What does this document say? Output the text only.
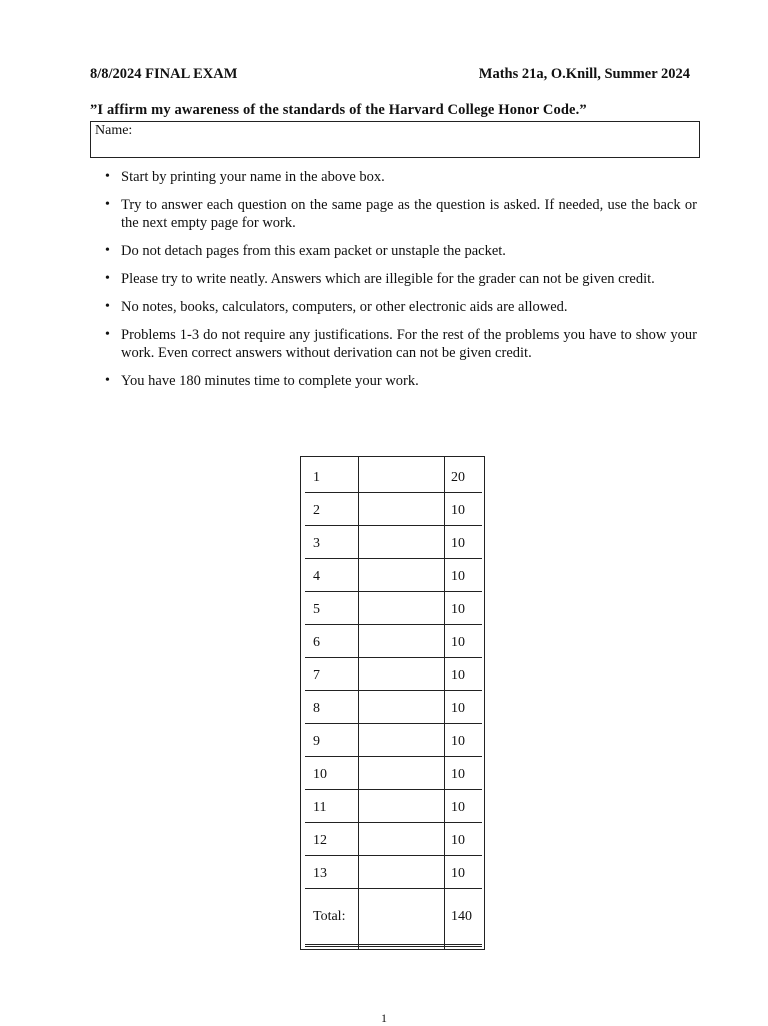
8/8/2024 FINAL EXAM	Maths 21a, O.Knill, Summer 2024
”I affirm my awareness of the standards of the Harvard College Honor Code.”
Name:
• Start by printing your name in the above box.
• Try to answer each question on the same page as the question is asked. If needed, use the back or the next empty page for work.
• Do not detach pages from this exam packet or unstaple the packet.
• Please try to write neatly. Answers which are illegible for the grader can not be given credit.
• No notes, books, calculators, computers, or other electronic aids are allowed.
• Problems 1-3 do not require any justifications. For the rest of the problems you have to show your work. Even correct answers without derivation can not be given credit.
• You have 180 minutes time to complete your work.
1	20
2	10
3	10
4	10
5	10
6	10
7	10
8	10
9	10
10	10
11	10
12	10
13	10
Total:	140
1
